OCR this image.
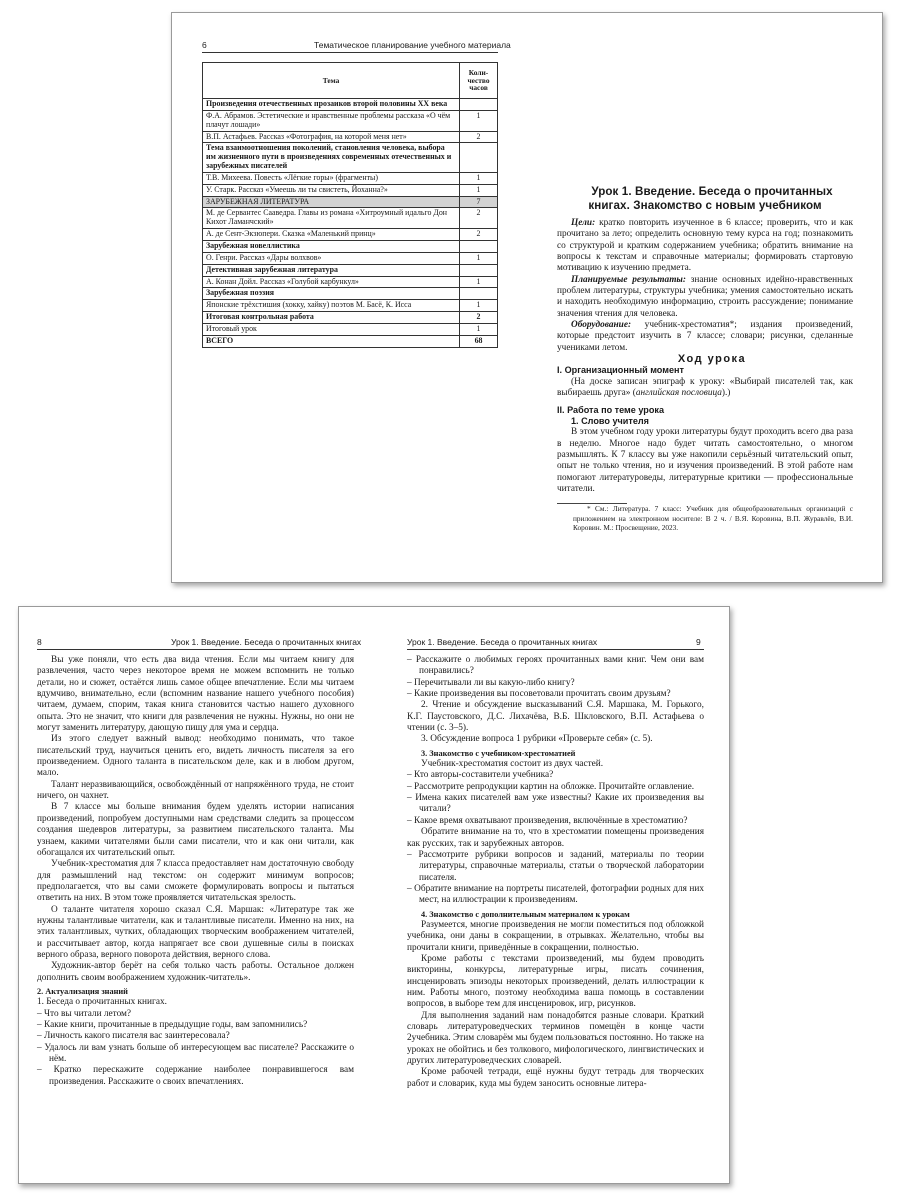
6	Тематическое планирование учебного материала
Тема	Коли-чество часов
Произведения отечественных прозаиков второй половины XX века	
Ф.А. Абрамов. Эстетические и нравственные проблемы рассказа «О чём плачут лошади»	1
В.П. Астафьев. Рассказ «Фотография, на которой меня нет»	2
Тема взаимоотношения поколений, становления человека, выбора им жизненного пути в произведениях современных отечественных и зарубежных писателей	
Т.В. Михеева. Повесть «Лёгкие горы» (фрагменты)	1
У. Старк. Рассказ «Умеешь ли ты свистеть, Йоханна?»	1
ЗАРУБЕЖНАЯ ЛИТЕРАТУРА	7
М. де Сервантес Сааведра. Главы из романа «Хитроумный идальго Дон Кихот Ламанчский»	2
А. де Сент-Экзюпери. Сказка «Маленький принц»	2
Зарубежная новеллистика	
О. Генри. Рассказ «Дары волхвов»	1
Детективная зарубежная литература	
А. Конан Дойл. Рассказ «Голубой карбункул»	1
Зарубежная поэзия	
Японские трёхстишия (хокку, хайку) поэтов М. Басё, К. Исса	1
Итоговая контрольная работа	2
Итоговый урок	1
ВСЕГО	68

Урок 1. Введение. Беседа о прочитанных книгах. Знакомство с новым учебником

Цели: кратко повторить изученное в 6 классе; проверить, что и как прочитано за лето; определить основную тему курса на год; познакомить со структурой и кратким содержанием учебника; обратить внимание на вопросы к текстам и справочные материалы; формировать стартовую мотивацию к изучению предмета.

Планируемые результаты: знание основных идейно-нравственных проблем литературы, структуры учебника; умения самостоятельно искать и находить необходимую информацию, строить рассуждение; понимание значения чтения для человека.

Оборудование: учебник-хрестоматия*; издания произведений, которые предстоит изучить в 7 классе; словари; рисунки, сделанные учениками летом.

Ход урока

I. Организационный момент

(На доске записан эпиграф к уроку: «Выбирай писателей так, как выбираешь друга» (английская пословица).)

II. Работа по теме урока

1. Слово учителя

В этом учебном году уроки литературы будут проходить всего два раза в неделю. Многое надо будет читать самостоятельно, о многом размышлять. К 7 классу вы уже накопили серьёзный читательский опыт, опыт не только чтения, но и изучения произведений. В этой работе нам помогают литературоведы, литературные критики — профессиональные читатели.

* См.: Литература. 7 класс: Учебник для общеобразовательных организаций с приложением на электронном носителе: В 2 ч. / В.Я. Коровина, В.П. Журавлёв, В.И. Коровин. М.: Просвещение, 2023.

8	Урок 1. Введение. Беседа о прочитанных книгах

Вы уже поняли, что есть два вида чтения. Если мы читаем книгу для развлечения, часто через некоторое время не можем вспомнить не только детали, но и сюжет, остаётся лишь самое общее впечатление. Если мы читаем вдумчиво, внимательно, если (вспомним название нашего учебного пособия) читаем, думаем, спорим, такая книга становится частью нашего духовного опыта. Это не значит, что книги для развлечения не нужны. Нужны, но они не могут заменить литературу, дающую пищу для ума и сердца.

Из этого следует важный вывод: необходимо понимать, что такое писательский труд, научиться ценить его, видеть личность писателя за его произведением. Одного таланта в писательском деле, как и в любом другом, мало.

Талант неразвивающийся, освобождённый от напряжённого труда, не стоит ничего, он чахнет.

В 7 классе мы больше внимания будем уделять истории написания произведений, попробуем доступными нам средствами следить за процессом создания шедевров литературы, за развитием писательского таланта. Мы узнаем, какими читателями были сами писатели, что и как они читали, как обогащался их читательский опыт.

Учебник-хрестоматия для 7 класса предоставляет нам достаточную свободу для размышлений над текстом: он содержит минимум вопросов; предполагается, что вы сами сможете формулировать вопросы и пытаться ответить на них. В этом тоже проявляется читательская зрелость.

О таланте читателя хорошо сказал С.Я. Маршак: «Литературе так же нужны талантливые читатели, как и талантливые писатели. Именно на них, на этих талантливых, чутких, обладающих творческим воображением читателей, и рассчитывает автор, когда напрягает все свои душевные силы в поисках верного образа, верного поворота действия, верного слова.

Художник-автор берёт на себя только часть работы. Остальное должен дополнить своим воображением художник-читатель».

2. Актуализация знаний

1. Беседа о прочитанных книгах.

– Что вы читали летом?

– Какие книги, прочитанные в предыдущие годы, вам запомнились?

– Личность какого писателя вас заинтересовала?

– Удалось ли вам узнать больше об интересующем вас писателе? Расскажите о нём.

– Кратко перескажите содержание наиболее понравившегося вам произведения. Расскажите о своих впечатлениях.

Урок 1. Введение. Беседа о прочитанных книгах	9

– Расскажите о любимых героях прочитанных вами книг. Чем они вам понравились?

– Перечитывали ли вы какую-либо книгу?

– Какие произведения вы посоветовали прочитать своим друзьям?

2. Чтение и обсуждение высказываний С.Я. Маршака, М. Горького, К.Г. Паустовского, Д.С. Лихачёва, В.Б. Шкловского, В.П. Астафьева о чтении (с. 3–5).

3. Обсуждение вопроса 1 рубрики «Проверьте себя» (с. 5).

3. Знакомство с учебником-хрестоматией

Учебник-хрестоматия состоит из двух частей.

– Кто авторы-составители учебника?

– Рассмотрите репродукции картин на обложке. Прочитайте оглавление.

– Имена каких писателей вам уже известны? Какие их произведения вы читали?

– Какое время охватывают произведения, включённые в хрестоматию?

Обратите внимание на то, что в хрестоматии помещены произведения как русских, так и зарубежных авторов.

– Рассмотрите рубрики вопросов и заданий, материалы по теории литературы, справочные материалы, статьи о творческой лаборатории писателя.

– Обратите внимание на портреты писателей, фотографии родных для них мест, на иллюстрации к произведениям.

4. Знакомство с дополнительным материалом к урокам

Разумеется, многие произведения не могли поместиться под обложкой учебника, они даны в сокращении, в отрывках. Желательно, чтобы вы прочитали книги, приведённые в сокращении, полностью.

Кроме работы с текстами произведений, мы будем проводить викторины, конкурсы, литературные игры, писать сочинения, инсценировать эпизоды некоторых произведений, делать иллюстрации к ним. Работы много, поэтому необходима ваша помощь в составлении вопросов, в выборе тем для инсценировок, игр, рисунков.

Для выполнения заданий нам понадобятся разные словари. Краткий словарь литературоведческих терминов помещён в конце части 2учебника. Этим словарём мы будем пользоваться постоянно. Но также на уроках не обойтись и без толкового, мифологического, лингвистических и других литературоведческих словарей.

Кроме рабочей тетради, ещё нужны будут тетрадь для творческих работ и словарик, куда мы будем заносить основные литера-
